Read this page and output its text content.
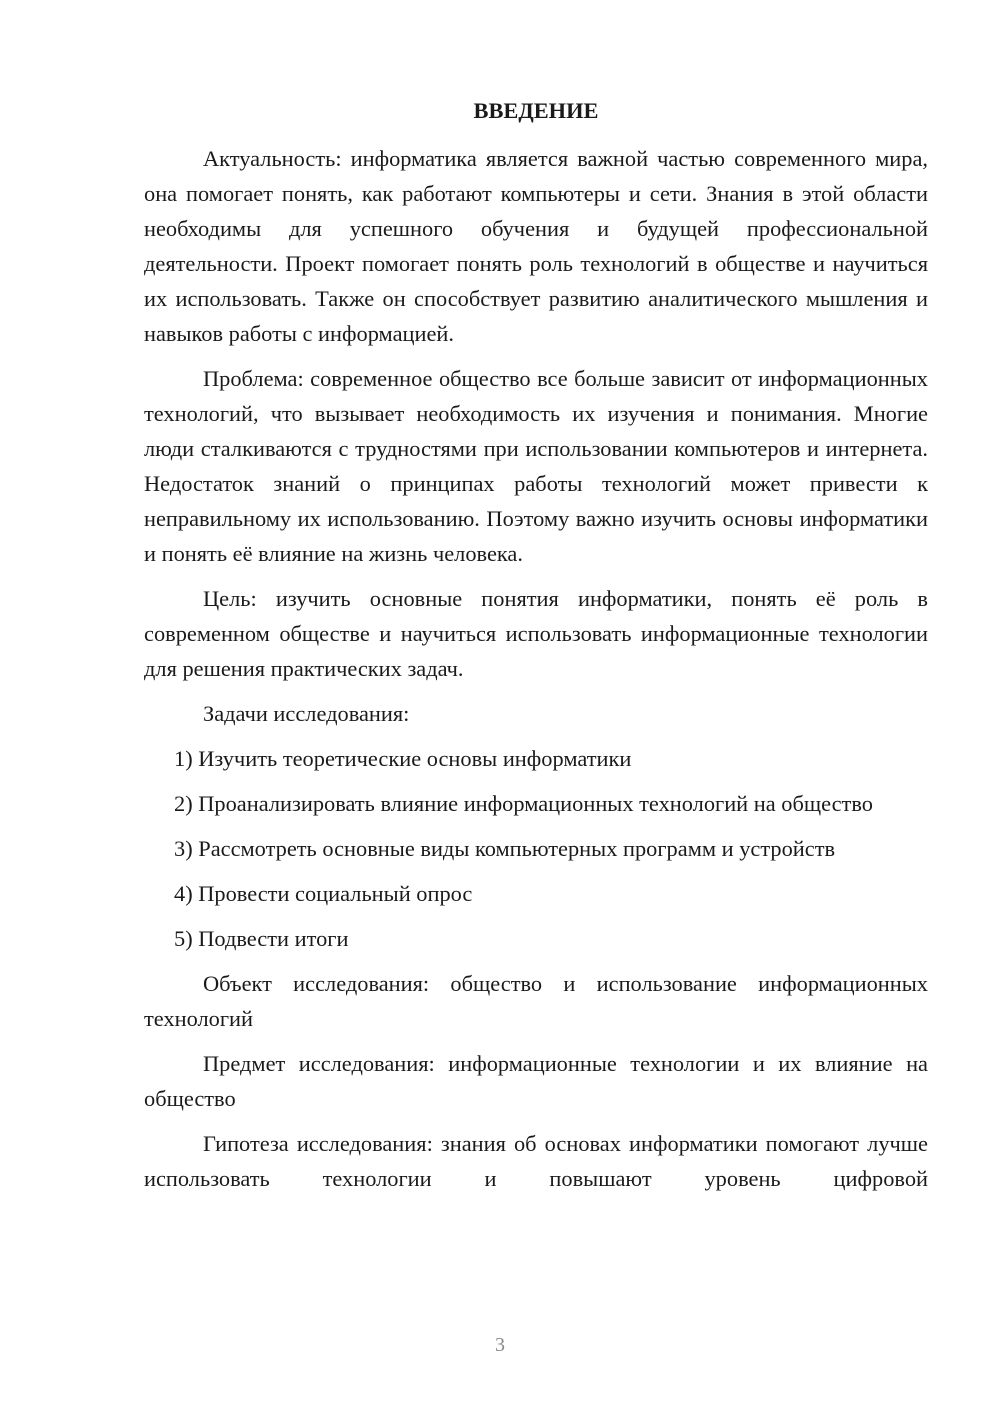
ВВЕДЕНИЕ

Актуальность: информатика является важной частью современного мира, она помогает понять, как работают компьютеры и сети. Знания в этой области необходимы для успешного обучения и будущей профессиональной деятельности. Проект помогает понять роль технологий в обществе и научиться их использовать. Также он способствует развитию аналитического мышления и навыков работы с информацией.

Проблема: современное общество все больше зависит от информационных технологий, что вызывает необходимость их изучения и понимания. Многие люди сталкиваются с трудностями при использовании компьютеров и интернета. Недостаток знаний о принципах работы технологий может привести к неправильному их использованию. Поэтому важно изучить основы информатики и понять её влияние на жизнь человека.

Цель: изучить основные понятия информатики, понять её роль в современном обществе и научиться использовать информационные технологии для решения практических задач.

Задачи исследования:

1) Изучить теоретические основы информатики

2) Проанализировать влияние информационных технологий на общество

3) Рассмотреть основные виды компьютерных программ и устройств

4) Провести социальный опрос

5) Подвести итоги

Объект исследования: общество и использование информационных технологий

Предмет исследования: информационные технологии и их влияние на общество

Гипотеза исследования: знания об основах информатики помогают лучше использовать технологии и повышают уровень цифровой

3
